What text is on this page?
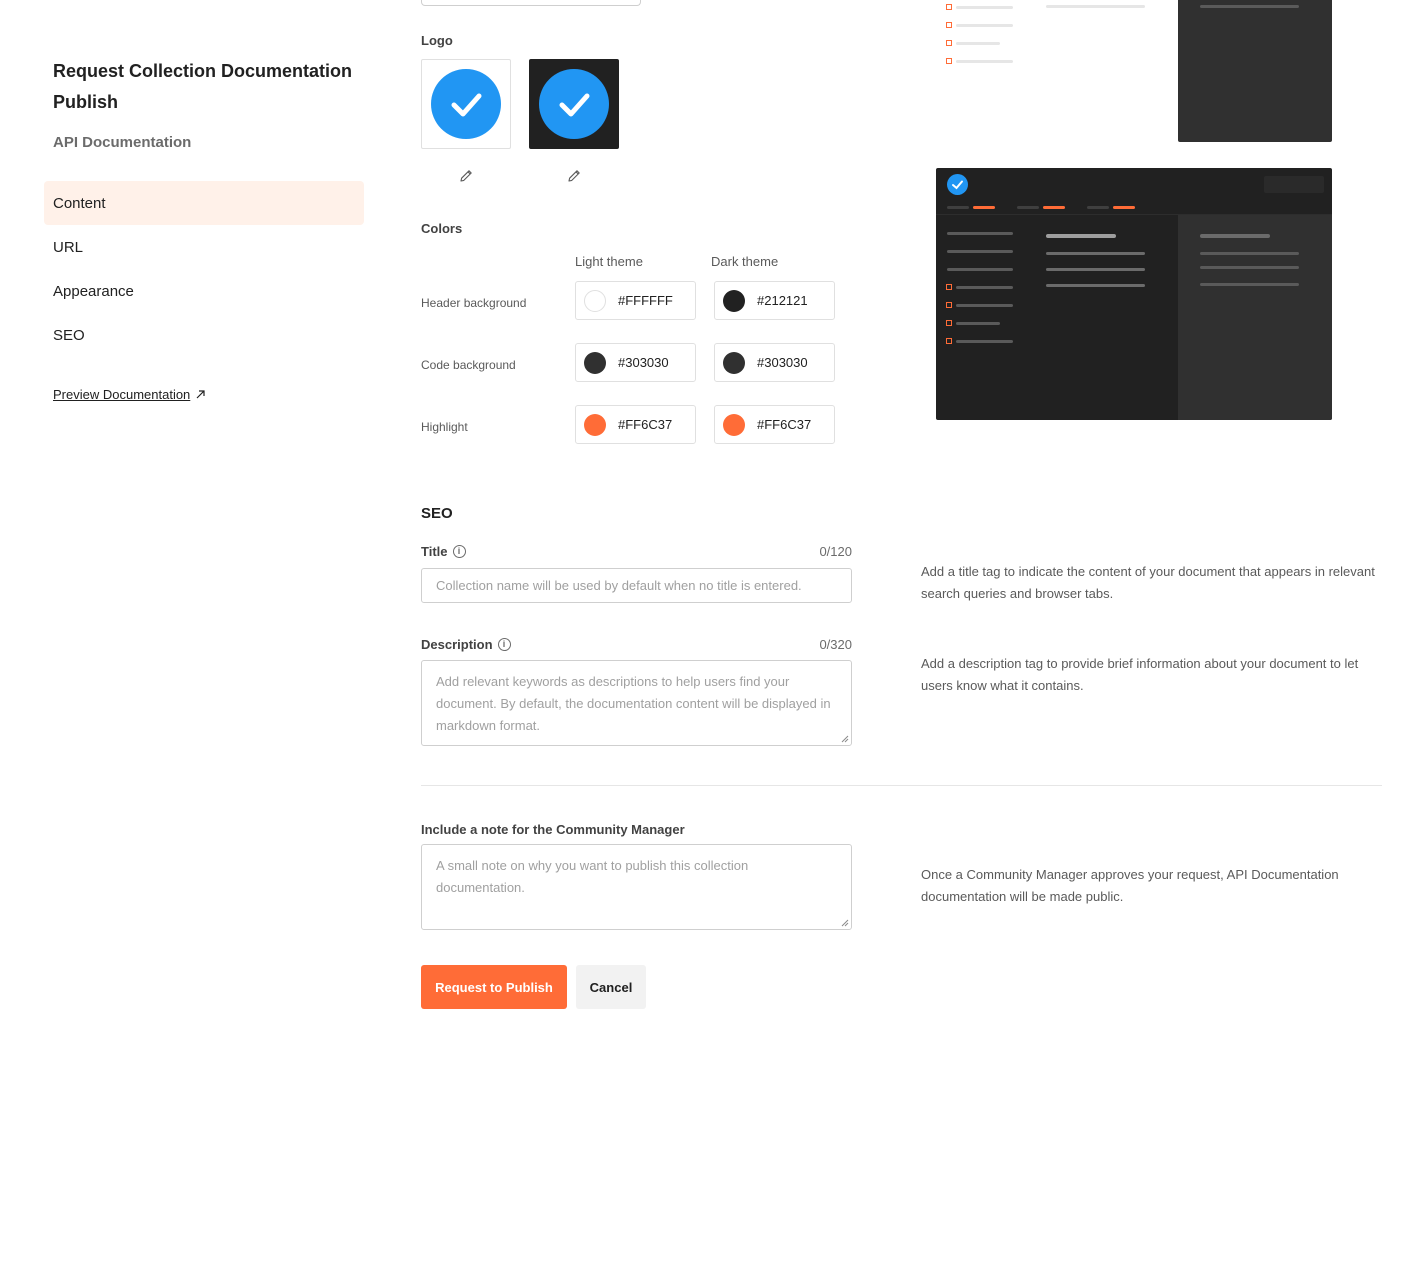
Request Collection Documentation Publish
API Documentation
Content
URL
Appearance
SEO
Preview Documentation
Logo
Colors
Light theme	Dark theme
Header background	#FFFFFF	#212121
Code background	#303030	#303030
Highlight	#FF6C37	#FF6C37
SEO
Title	i	0/120
Collection name will be used by default when no title is entered.
Add a title tag to indicate the content of your document that appears in relevant search queries and browser tabs.
Description	i	0/320
Add relevant keywords as descriptions to help users find your document. By default, the documentation content will be displayed in markdown format.
Add a description tag to provide brief information about your document to let users know what it contains.
Include a note for the Community Manager
A small note on why you want to publish this collection documentation.
Once a Community Manager approves your request, API Documentation documentation will be made public.
Request to Publish	Cancel
